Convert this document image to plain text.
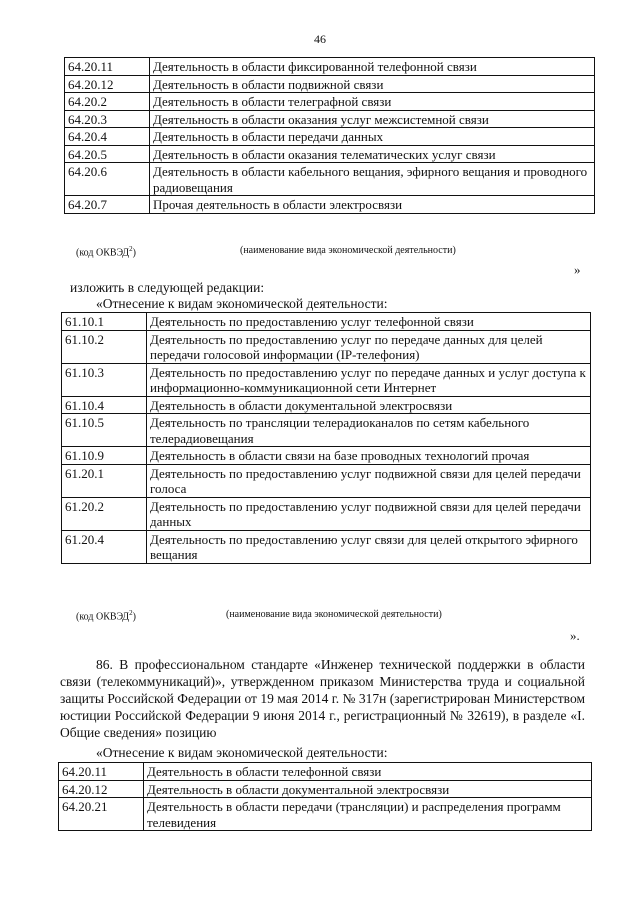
46
64.20.11	Деятельность в области фиксированной телефонной связи
64.20.12	Деятельность в области подвижной связи
64.20.2	Деятельность в области телеграфной связи
64.20.3	Деятельность в области оказания услуг межсистемной связи
64.20.4	Деятельность в области передачи данных
64.20.5	Деятельность в области оказания телематических услуг связи
64.20.6	Деятельность в области кабельного вещания, эфирного вещания и проводного радиовещания
64.20.7	Прочая деятельность в области электросвязи
(код ОКВЭД$^2$)	(наименование вида экономической деятельности)
»
изложить в следующей редакции:
«Отнесение к видам экономической деятельности:
61.10.1	Деятельность по предоставлению услуг телефонной связи
61.10.2	Деятельность по предоставлению услуг по передаче данных для целей передачи голосовой информации (IP-телефония)
61.10.3	Деятельность по предоставлению услуг по передаче данных и услуг доступа к информационно-коммуникационной сети Интернет
61.10.4	Деятельность в области документальной электросвязи
61.10.5	Деятельность по трансляции телерадиоканалов по сетям кабельного телерадиовещания
61.10.9	Деятельность в области связи на базе проводных технологий прочая
61.20.1	Деятельность по предоставлению услуг подвижной связи для целей передачи голоса
61.20.2	Деятельность по предоставлению услуг подвижной связи для целей передачи данных
61.20.4	Деятельность по предоставлению услуг связи для целей открытого эфирного вещания
(код ОКВЭД$^2$)	(наименование вида экономической деятельности)
».
86. В профессиональном стандарте «Инженер технической поддержки в области связи (телекоммуникаций)», утвержденном приказом Министерства труда и социальной защиты Российской Федерации от 19 мая 2014 г. № 317н (зарегистрирован Министерством юстиции Российской Федерации 9 июня 2014 г., регистрационный № 32619), в разделе «I. Общие сведения» позицию
«Отнесение к видам экономической деятельности:
64.20.11	Деятельность в области телефонной связи
64.20.12	Деятельность в области документальной электросвязи
64.20.21	Деятельность в области передачи (трансляции) и распределения программ телевидения
